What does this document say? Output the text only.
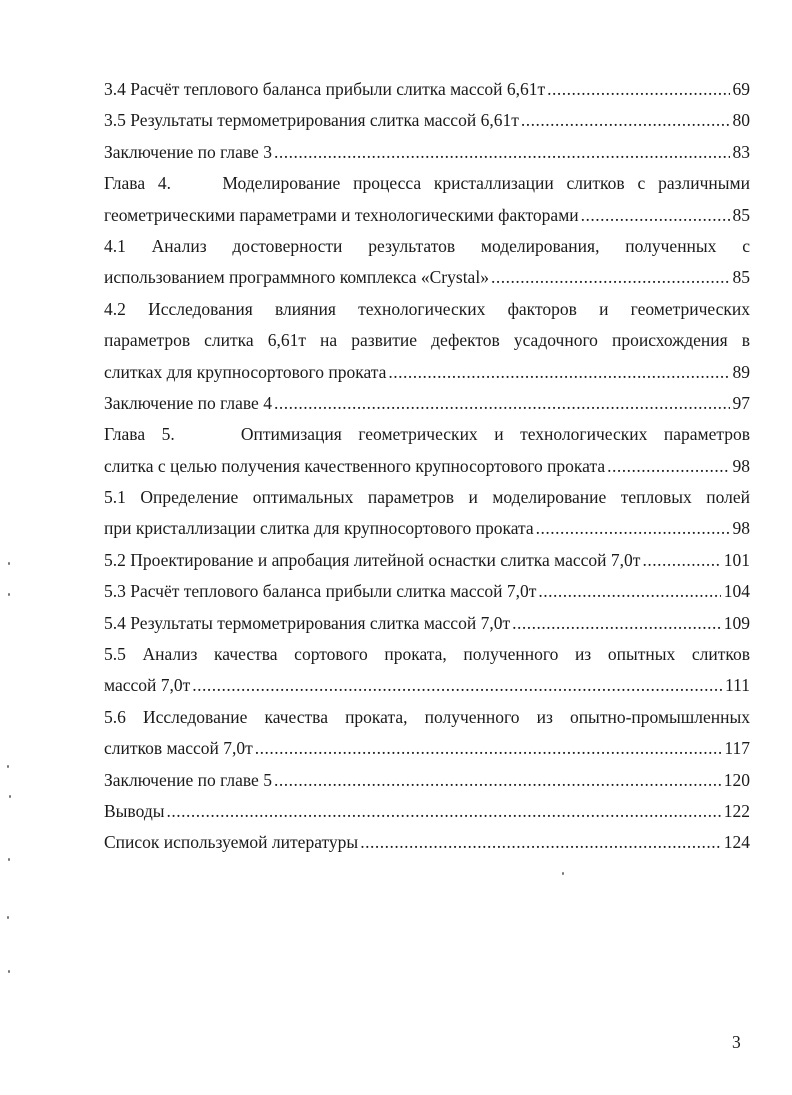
3.4 Расчёт теплового баланса прибыли слитка массой 6,61т .....	69
3.5 Результаты термометрирования слитка массой 6,61т .....	80
Заключение по главе 3 .....	83
Глава 4.    Моделирование процесса кристаллизации слитков с различными
геометрическими параметрами и технологическими факторами .....	85
4.1 Анализ достоверности результатов моделирования, полученных с
использованием программного комплекса «Crystal» .....	85
4.2 Исследования влияния технологических факторов и геометрических
параметров слитка 6,61т на развитие дефектов усадочного происхождения в
слитках для крупносортового проката .....	89
Заключение по главе 4 .....	97
Глава 5.    Оптимизация геометрических и технологических параметров
слитка с целью получения качественного крупносортового проката .....	98
5.1 Определение оптимальных параметров и моделирование тепловых полей
при кристаллизации слитка для крупносортового проката .....	98
5.2 Проектирование и апробация литейной оснастки слитка массой 7,0т .....	101
5.3 Расчёт теплового баланса прибыли слитка массой 7,0т .....	104
5.4 Результаты термометрирования слитка массой 7,0т .....	109
5.5 Анализ качества сортового проката, полученного из опытных слитков
массой 7,0т .....	111
5.6 Исследование качества проката, полученного из опытно-промышленных
слитков массой 7,0т .....	117
Заключение по главе 5 .....	120
Выводы .....	122
Список используемой литературы .....	124
3
